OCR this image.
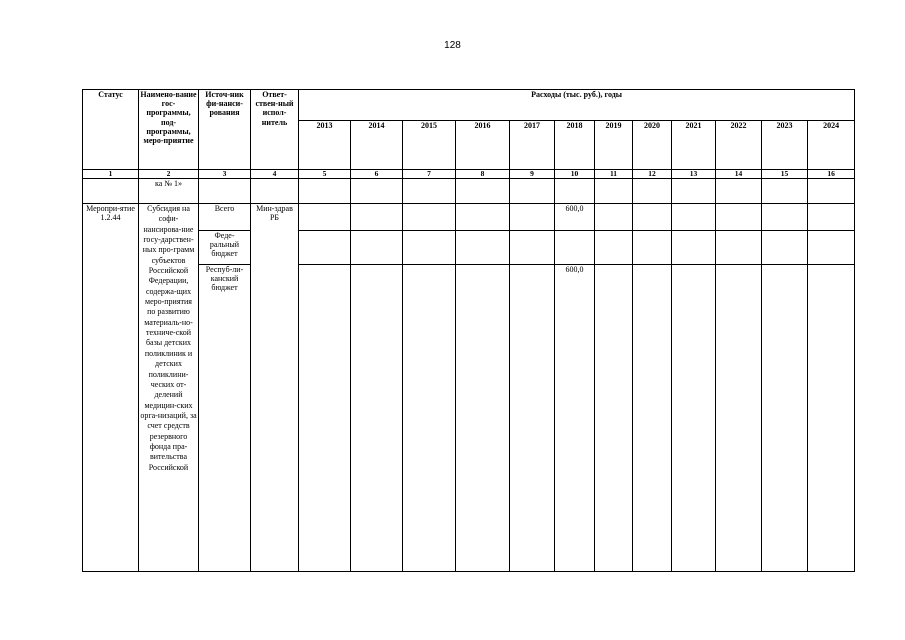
128
Статус	Наимено-вание гос-программы, под-программы, меро-приятие	Источ-ник фи-нанси-рования	Ответ-ствен-ный испол-нитель	Расходы (тыс. руб.), годы											
				2013	2014	2015	2016	2017	2018	2019	2020	2021	2022	2023	2024
1	2	3	4	5	6	7	8	9	10	11	12	13	14	15	16
	ка № 1»														
Меропри-ятие 1.2.44	Субсидия на софи-нансирова-ние госу-дарствен-ных про-грамм субъектов Российской Федерации, содержа-щих меро-приятия по развитию материаль-но-техниче-ской базы детских поликлиник и детских поликлини-ческих от-делений медицин-ских орга-низаций, за счет средств резервного фонда пра-вительства Российской	Всего	Мин-здрав РБ						600,0						
		Феде-ральный бюджет													
		Респуб-ли-канский бюджет							600,0						
